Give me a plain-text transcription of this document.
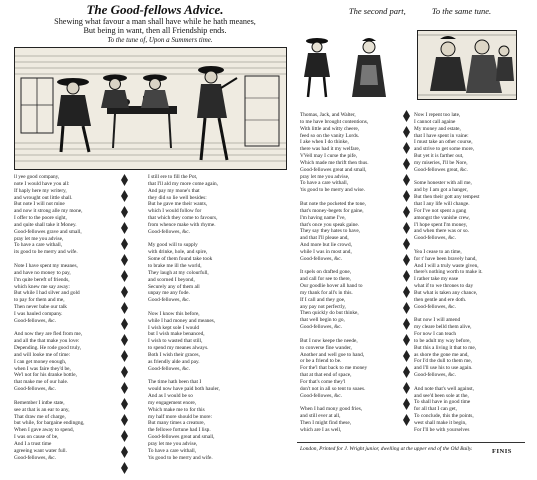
The Good-fellows Advice.
Shewing what favour a man shall have while he hath meanes,
But being in want, then all Friendship ends.
To the tune of, Upon a Summers time.
The second part,	To the same tune.
ll yee good company,
note I would have you all:
If haply here my writery,
and wrought out little shall.
But note I will not mine
and now it strong alle my mone,
I offer to the poore sight,
and quite shall take it Money.
Good-fellowes grave and small,
pray let me you advise,
To have a care withall,
its good to be merry and wife.

Note I have spent my meanes,
and have no money to pay,
I'm quite bereft of friends,
which knew me say away:
But while I had silver and gold
to pay for them and me,
Then never babe our talk
I was hauled company.
Good-fellowes, &c.

And now they are fled from me,
and all the that make you love:
Depending. He rode good truly,
and will looke me of time:
I can get money enough,
when I was faire they'd be,
We'l not for his dranke bottle,
that make me of our hale.
Good-fellowes, &c.

Remember I intbe state,
see at that is an ear to any,
That draw me of charge,
but while, for bargaine endingng,
When I gave away to spend,
I was on cause of be,
And I a trust time
agreeing want water full.
Good-fellowes, &c.
I still ere to fill the Pot,
that I'll ald my more come again,
And pay my mone's that
they did so lie well besides:
But he gave me their wants,
which I would follow for
that which they come to favours,
from whence make with rhyme.
Good-fellowes, &c.

My good will to supply
with drinke, hole, and spire,
Some of them found take took
to brake me ill the world,
They laugh at my colourfull,
and scorned I beyond,
Securely any of them all
unpay me any fode.
Good-fellowes, &c.

Now I know this before,
while I had money and meanes,
I wish kept sole I would
but I wish make benanced,
I wish to wasted that still,
to spend my meanes always.
Both I wish their graces,
as friendly alde and pay.
Good-fellowes, &c.

The time hath been that I
would now have paid both hauler,
And as I would be so
my engagement enore,
Which make me to for this
my half more should be more:
But many times a creature,
the fellowe fortune had I lisp.
Good-fellowes great and small,
pray let me you advise,
To have a care withall,
'tis good to be merry and wife.
Thomas, Jack, and Walter,
to me have brought contentions,
With little and witty cheere,
feed so on the vanity Lords.
I ake when I do thinke,
there was had it my welfare,
VVell may I curse the pife,
Which made me thrift then thus.
Good-fellowes great and small,
pray let me you advise,
To have a care withall,
'tis good to be merry and wise.

But note the pocketed the tone,
that's money-begets for gaine,
I'm having name I've,
that's once you speak gaine.
They say they hates to have,
and that I'll please and,
And more but lie crowd,
while I was in most and,
Good-fellowes, &c.

It spels on drafted gone,
and call for see to there,
Our goodlie hover all hand to
my thank for all's in this.
If I call and they goe,
any pay not perfectly,
Then quickly do but thinke,
that well begin to go,
Good-fellowes, &c.

But I now keepe the neede,
to converse fine wander,
Another and well goe to hand,
or be a friend to be.
For the'l that back to me money
that at that end of space,
For that's come they'l
don't not in all so tent to soaes.
Good-fellowes, &c.

When I had mony good fries,
and still ever at all,
Then I might find these,
which are I as well,

Now I repent too late,
I cannot call againe
My money and estate,
that I have spent in vaine:
I must take an other course,
and strive to get some more,
But yet it is farther out,
my miseries, I'll be Nore,
Good-fellowes great, &c.

Some honester with all me,
and by I am got a hanger,
But then their gott any tempest
that I any life will change.
For I've not spent a gang
amongst the vanishe crew,
I'l hope spent I'm money,
and when there was or so.
Good-fellowes, &c.

Yea I cease to an time,
for t' have been bravely hand,
And I will a truly waste given,
there's nothing worth to make it.
I rather take my ease
what if to we thrones to day
But what is taken any chance,
then gentle and ere doth.
Good-fellowes, &c.

But now I will amend
my cleare belld them alive,
For now I can teach
to be adult my way before,
But this a living it that to me,
as shore the gone me and,
For I'd the dull to them me,
and I'll use his to use again.
Good-fellowes, &c.

And note that's well against,
and see'd been sole at the,
To shall have in good time
for all that I can get,
To conclude, this the points,
west shall make it begin,
For I'll be with yourselves

London, Printed for J. Wright junior, dwelling at the upper end of the Old Baily.	FINIS
